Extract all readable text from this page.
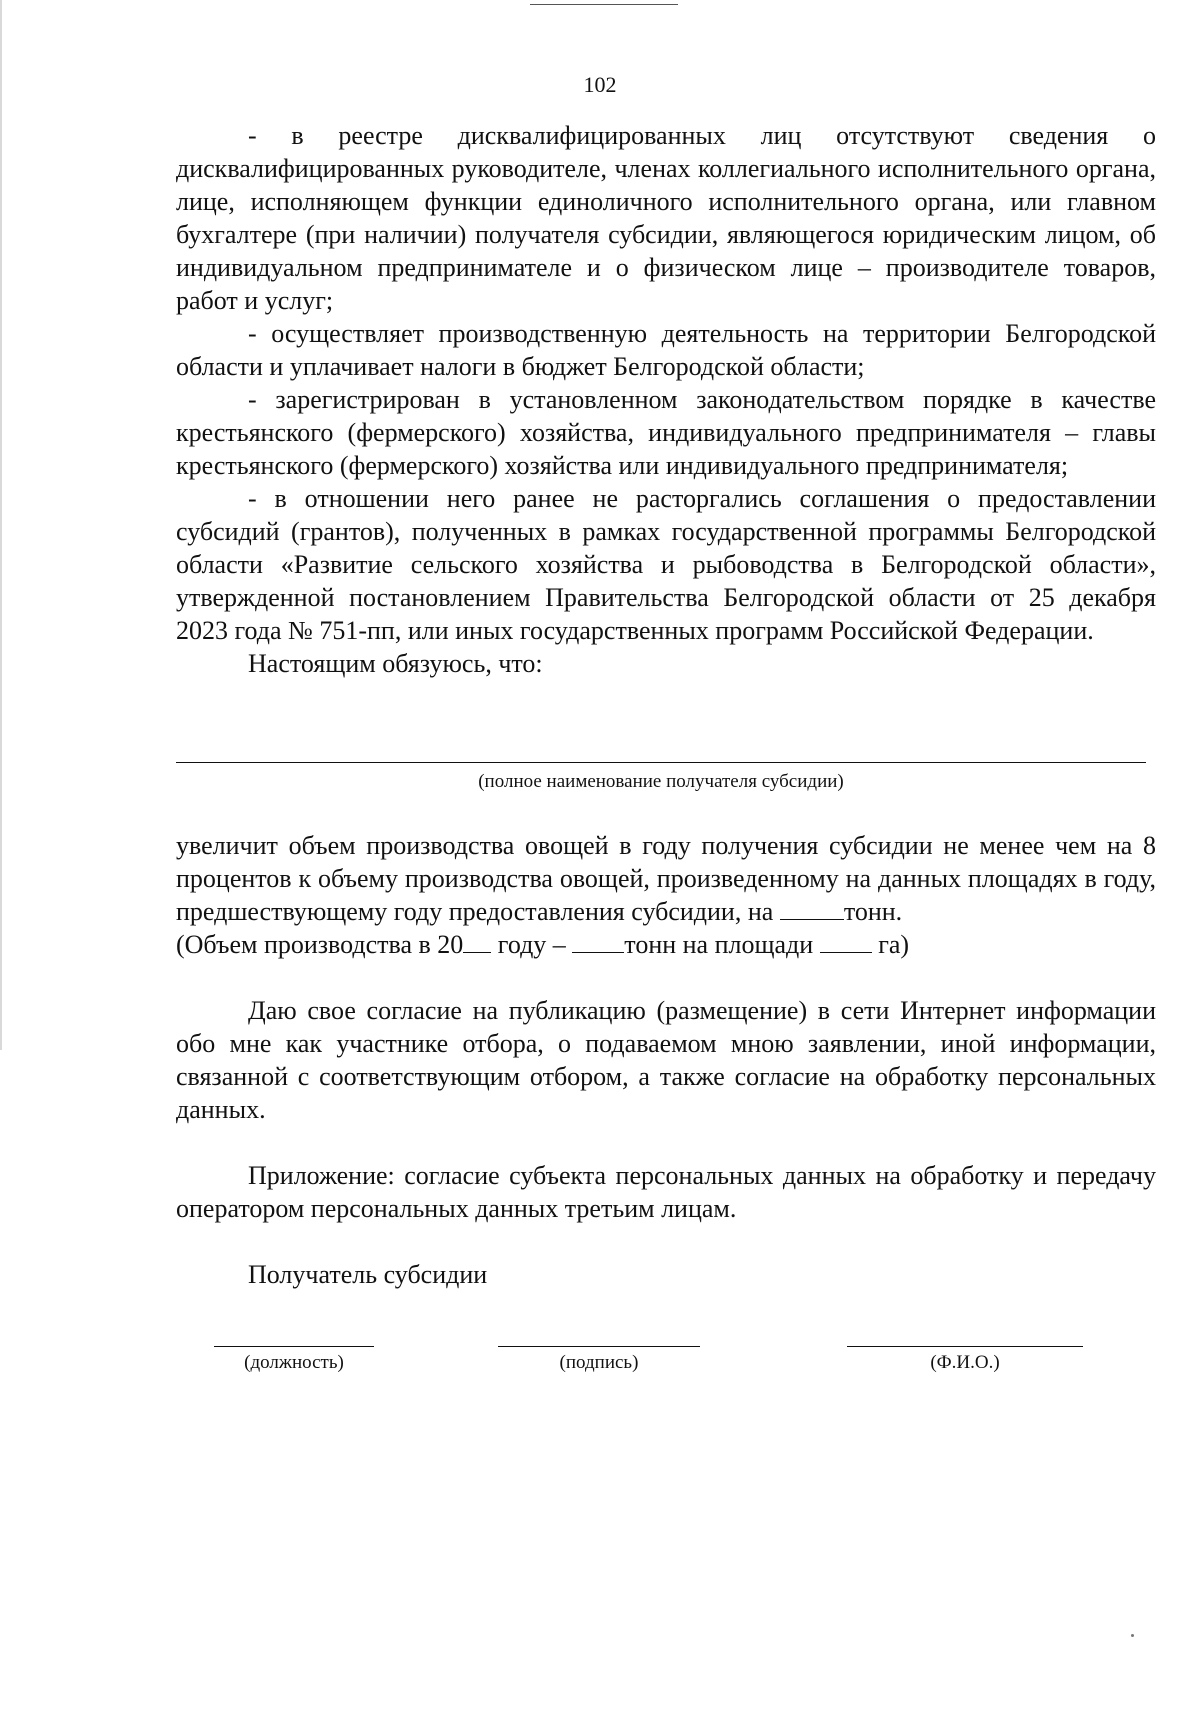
102

- в реестре дисквалифицированных лиц отсутствуют сведения о дисквалифицированных руководителе, членах коллегиального исполнительного органа, лице, исполняющем функции единоличного исполнительного органа, или главном бухгалтере (при наличии) получателя субсидии, являющегося юридическим лицом, об индивидуальном предпринимателе и о физическом лице – производителе товаров, работ и услуг;

- осуществляет производственную деятельность на территории Белгородской области и уплачивает налоги в бюджет Белгородской области;

- зарегистрирован в установленном законодательством порядке в качестве крестьянского (фермерского) хозяйства, индивидуального предпринимателя – главы крестьянского (фермерского) хозяйства или индивидуального предпринимателя;

- в отношении него ранее не расторгались соглашения о предоставлении субсидий (грантов), полученных в рамках государственной программы Белгородской области «Развитие сельского хозяйства и рыбоводства в Белгородской области», утвержденной постановлением Правительства Белгородской области от 25 декабря 2023 года № 751-пп, или иных государственных программ Российской Федерации.

Настоящим обязуюсь, что:

(полное наименование получателя субсидии)

увеличит объем производства овощей в году получения субсидии не менее чем на 8 процентов к объему производства овощей, произведенному на данных площадях в году, предшествующему году предоставления субсидии, на	тонн.

(Объем производства в 20 году – тонн на площади  га)

Даю свое согласие на публикацию (размещение) в сети Интернет информации обо мне как участнике отбора, о подаваемом мною заявлении, иной информации, связанной с соответствующим отбором, а также согласие на обработку персональных данных.

Приложение: согласие субъекта персональных данных на обработку и передачу оператором персональных данных третьим лицам.

Получатель субсидии

(должность)	(подпись)	(Ф.И.О.)
